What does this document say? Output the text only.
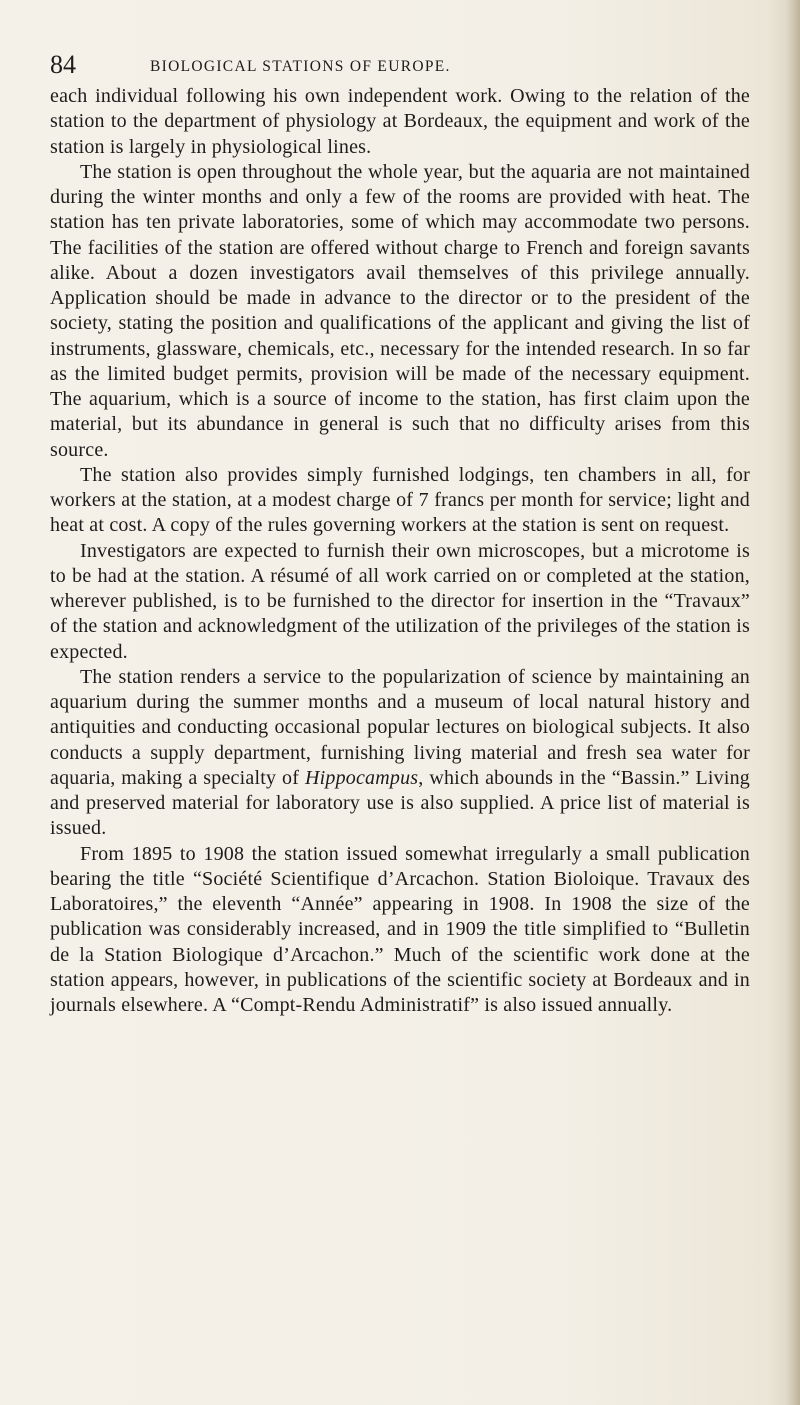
84	BIOLOGICAL STATIONS OF EUROPE.

each individual following his own independent work. Owing to the relation of the station to the department of physiology at Bordeaux, the equipment and work of the station is largely in physiological lines.

The station is open throughout the whole year, but the aquaria are not maintained during the winter months and only a few of the rooms are provided with heat. The station has ten private laboratories, some of which may accommodate two persons. The facilities of the station are offered without charge to French and foreign savants alike. About a dozen investigators avail themselves of this privilege annually. Application should be made in advance to the director or to the president of the society, stating the position and qualifications of the applicant and giving the list of instruments, glassware, chemicals, etc., necessary for the intended research. In so far as the limited budget permits, provision will be made of the necessary equipment. The aquarium, which is a source of income to the station, has first claim upon the material, but its abundance in general is such that no difficulty arises from this source.

The station also provides simply furnished lodgings, ten chambers in all, for workers at the station, at a modest charge of 7 francs per month for service; light and heat at cost. A copy of the rules governing workers at the station is sent on request.

Investigators are expected to furnish their own microscopes, but a microtome is to be had at the station. A résumé of all work carried on or completed at the station, wherever published, is to be furnished to the director for insertion in the “Travaux” of the station and acknowledgment of the utilization of the privileges of the station is expected.

The station renders a service to the popularization of science by maintaining an aquarium during the summer months and a museum of local natural history and antiquities and conducting occasional popular lectures on biological subjects. It also conducts a supply department, furnishing living material and fresh sea water for aquaria, making a specialty of Hippocampus, which abounds in the “Bassin.” Living and preserved material for laboratory use is also supplied. A price list of material is issued.

From 1895 to 1908 the station issued somewhat irregularly a small publication bearing the title “Société Scientifique d’Arcachon. Station Bioloique. Travaux des Laboratoires,” the eleventh “Année” appearing in 1908. In 1908 the size of the publication was considerably increased, and in 1909 the title simplified to “Bulletin de la Station Biologique d’Arcachon.” Much of the scientific work done at the station appears, however, in publications of the scientific society at Bordeaux and in journals elsewhere. A “Compt-Rendu Administratif” is also issued annually.
